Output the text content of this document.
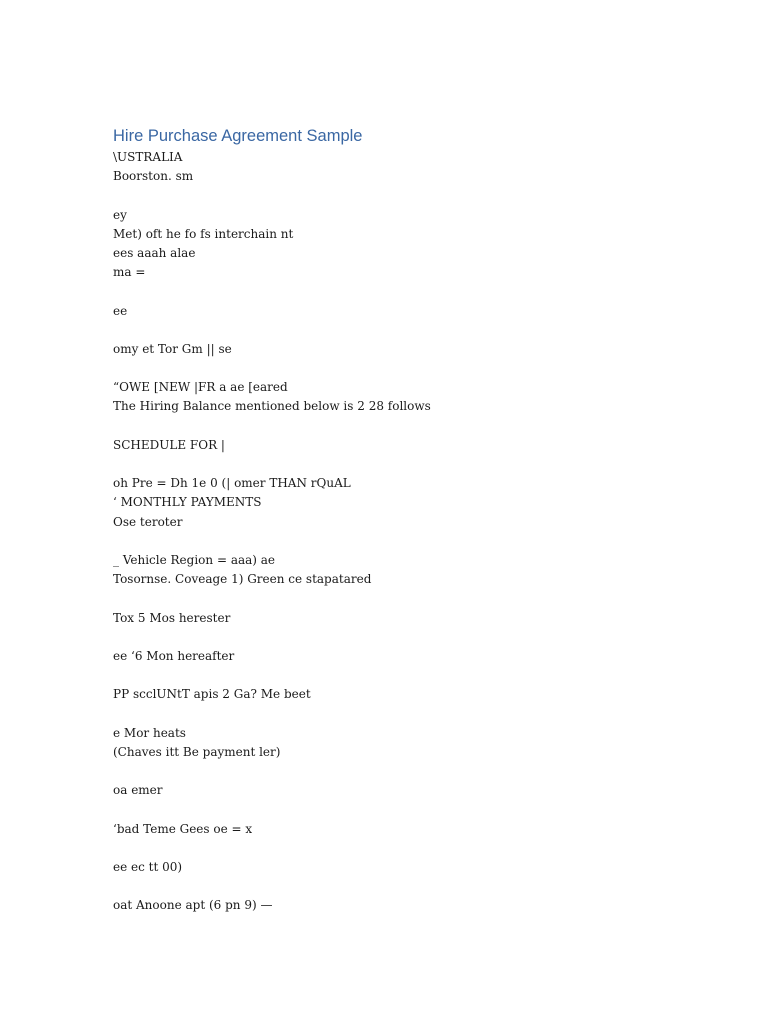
Hire Purchase Agreement Sample

\USTRALIA

Boorston. sm

ey

Met) oft he fo fs interchain nt

ees aaah alae

ma =

ee

omy et Tor Gm || se

“OWE [NEW |FR a ae [eared

The Hiring Balance mentioned below is 2 28 follows

SCHEDULE FOR |

oh Pre = Dh 1e 0 (| omer THAN rQuAL

‘ MONTHLY PAYMENTS

Ose teroter

_ Vehicle Region = aaa) ae

Tosornse. Coveage 1) Green ce stapatared

Tox 5 Mos herester

ee ‘6 Mon hereafter

PP scclUNtT apis 2 Ga? Me beet

e Mor heats

(Chaves itt Be payment ler)

oa emer

‘bad Teme Gees oe = x

ee ec tt 00)

oat Anoone apt (6 pn 9) —
